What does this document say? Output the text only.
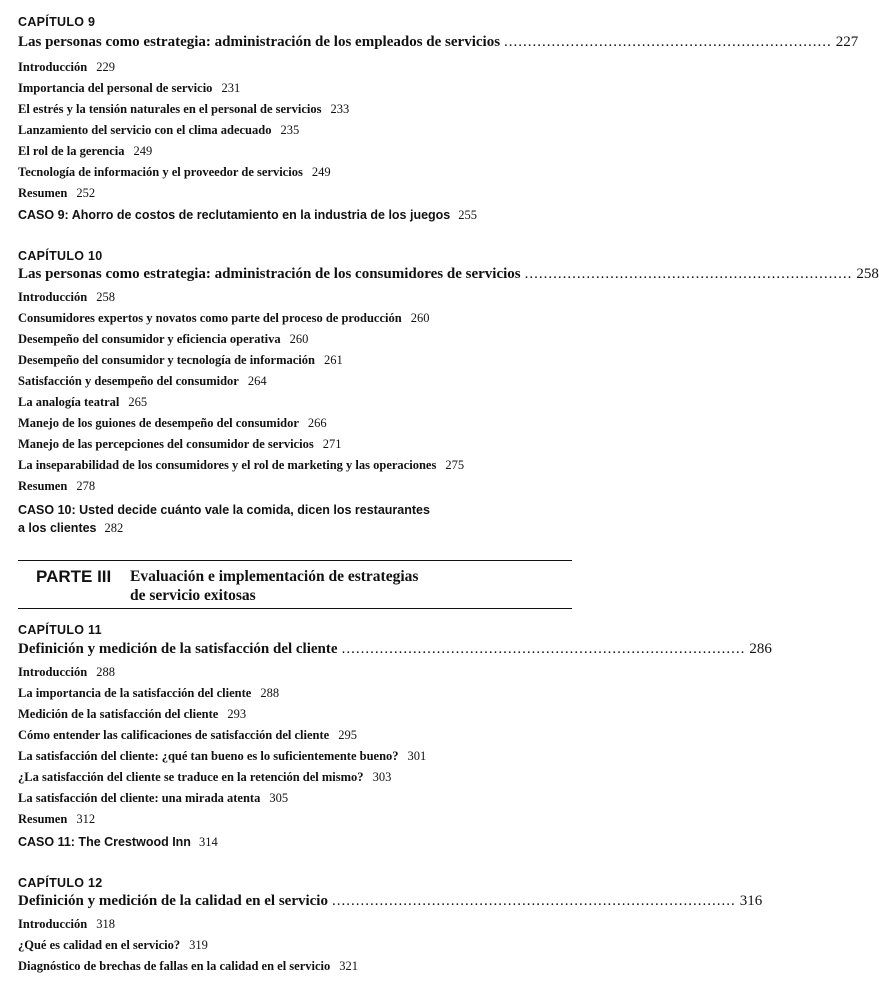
CAPÍTULO 9
Las personas como estrategia: administración de los empleados de servicios ..................................................................... 227
Introducción 229
Importancia del personal de servicio 231
El estrés y la tensión naturales en el personal de servicios 233
Lanzamiento del servicio con el clima adecuado 235
El rol de la gerencia 249
Tecnología de información y el proveedor de servicios 249
Resumen 252
CASO 9: Ahorro de costos de reclutamiento en la industria de los juegos 255
CAPÍTULO 10
Las personas como estrategia: administración de los consumidores de servicios ..................................................................... 258
Introducción 258
Consumidores expertos y novatos como parte del proceso de producción 260
Desempeño del consumidor y eficiencia operativa 260
Desempeño del consumidor y tecnología de información 261
Satisfacción y desempeño del consumidor 264
La analogía teatral 265
Manejo de los guiones de desempeño del consumidor 266
Manejo de las percepciones del consumidor de servicios 271
La inseparabilidad de los consumidores y el rol de marketing y las operaciones 275
Resumen 278
CASO 10: Usted decide cuánto vale la comida, dicen los restaurantes
a los clientes 282
PARTE III Evaluación e implementación de estrategias
de servicio exitosas
CAPÍTULO 11
Definición y medición de la satisfacción del cliente ..................................................................................... 286
Introducción 288
La importancia de la satisfacción del cliente 288
Medición de la satisfacción del cliente 293
Cómo entender las calificaciones de satisfacción del cliente 295
La satisfacción del cliente: ¿qué tan bueno es lo suficientemente bueno? 301
¿La satisfacción del cliente se traduce en la retención del mismo? 303
La satisfacción del cliente: una mirada atenta 305
Resumen 312
CASO 11: The Crestwood Inn 314
CAPÍTULO 12
Definición y medición de la calidad en el servicio ..................................................................................... 316
Introducción 318
¿Qué es calidad en el servicio? 319
Diagnóstico de brechas de fallas en la calidad en el servicio 321
